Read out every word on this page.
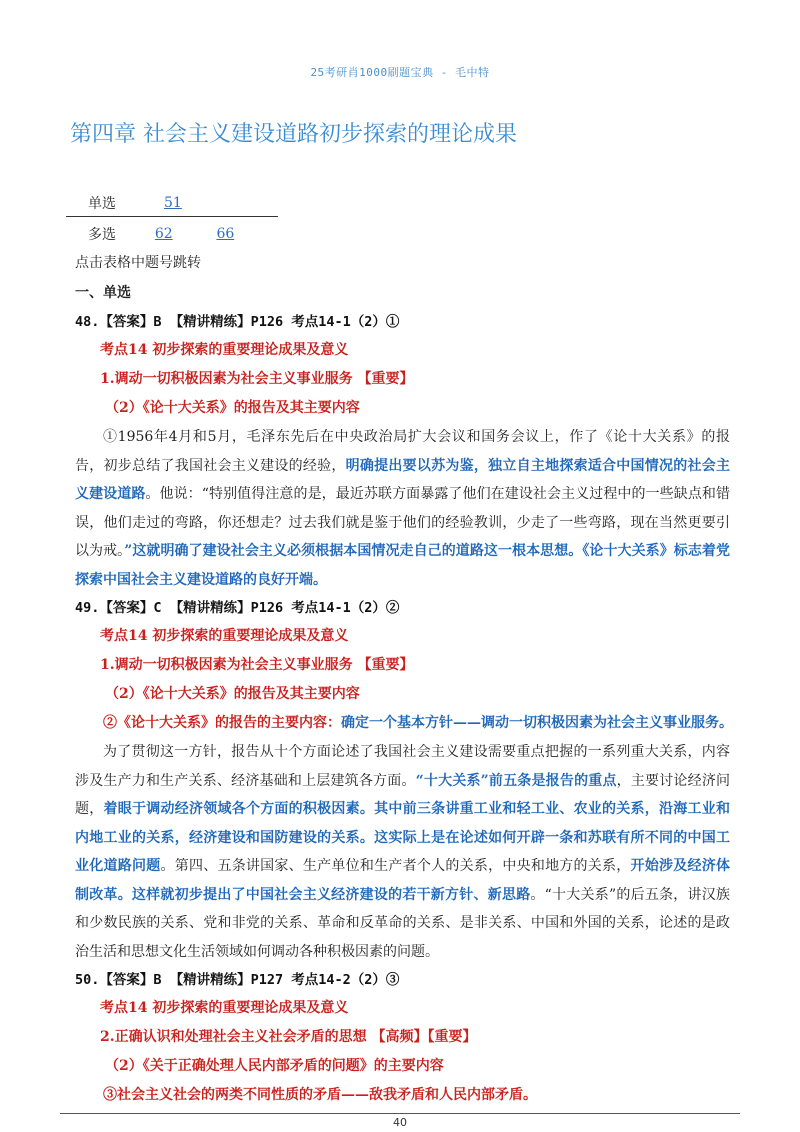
25考研肖1000刷题宝典 - 毛中特
第四章 社会主义建设道路初步探索的理论成果
单选	51
多选	62	66
点击表格中题号跳转
一、单选
48.【答案】B 【精讲精练】P126 考点14-1（2）①
考点14 初步探索的重要理论成果及意义
1.调动一切积极因素为社会主义事业服务 【重要】
（2）《论十大关系》的报告及其主要内容
①1956年4月和5月，毛泽东先后在中央政治局扩大会议和国务会议上，作了《论十大关系》的报告，初步总结了我国社会主义建设的经验，明确提出要以苏为鉴，独立自主地探索适合中国情况的社会主义建设道路。他说：“特别值得注意的是，最近苏联方面暴露了他们在建设社会主义过程中的一些缺点和错误，他们走过的弯路，你还想走？过去我们就是鉴于他们的经验教训，少走了一些弯路，现在当然更要引以为戒。”这就明确了建设社会主义必须根据本国情况走自己的道路这一根本思想。《论十大关系》标志着党探索中国社会主义建设道路的良好开端。
49.【答案】C 【精讲精练】P126 考点14-1（2）②
考点14 初步探索的重要理论成果及意义
1.调动一切积极因素为社会主义事业服务 【重要】
（2）《论十大关系》的报告及其主要内容
②《论十大关系》的报告的主要内容：确定一个基本方针——调动一切积极因素为社会主义事业服务。
为了贯彻这一方针，报告从十个方面论述了我国社会主义建设需要重点把握的一系列重大关系，内容涉及生产力和生产关系、经济基础和上层建筑各方面。“十大关系”前五条是报告的重点，主要讨论经济问题，着眼于调动经济领域各个方面的积极因素。其中前三条讲重工业和轻工业、农业的关系，沿海工业和内地工业的关系，经济建设和国防建设的关系。这实际上是在论述如何开辟一条和苏联有所不同的中国工业化道路问题。第四、五条讲国家、生产单位和生产者个人的关系，中央和地方的关系，开始涉及经济体制改革。这样就初步提出了中国社会主义经济建设的若干新方针、新思路。“十大关系”的后五条，讲汉族和少数民族的关系、党和非党的关系、革命和反革命的关系、是非关系、中国和外国的关系，论述的是政治生活和思想文化生活领域如何调动各种积极因素的问题。
50.【答案】B 【精讲精练】P127 考点14-2（2）③
考点14 初步探索的重要理论成果及意义
2.正确认识和处理社会主义社会矛盾的思想 【高频】【重要】
（2）《关于正确处理人民内部矛盾的问题》的主要内容
③社会主义社会的两类不同性质的矛盾——敌我矛盾和人民内部矛盾。
40
